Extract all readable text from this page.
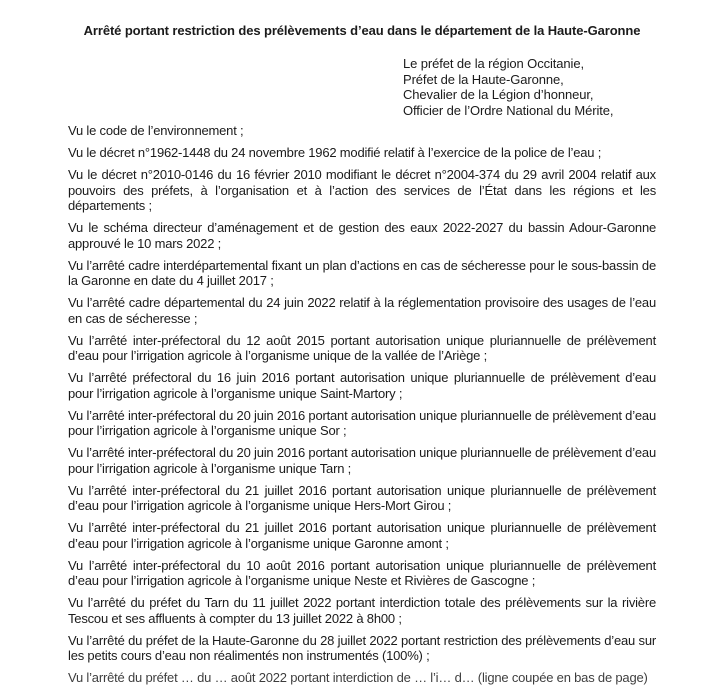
Arrêté portant restriction des prélèvements d’eau dans le département de la Haute-Garonne
Le préfet de la région Occitanie,
Préfet de la Haute-Garonne,
Chevalier de la Légion d’honneur,
Officier de l’Ordre National du Mérite,

Vu le code de l’environnement ;

Vu le décret n°1962-1448 du 24 novembre 1962 modifié relatif à l’exercice de la police de l’eau ;

Vu le décret n°2010-0146 du 16 février 2010 modifiant le décret n°2004-374 du 29 avril 2004 relatif aux pouvoirs des préfets, à l’organisation et à l’action des services de l’État dans les régions et les départements ;

Vu le schéma directeur d’aménagement et de gestion des eaux 2022-2027 du bassin Adour-Garonne approuvé le 10 mars 2022 ;

Vu l’arrêté cadre interdépartemental fixant un plan d’actions en cas de sécheresse pour le sous-bassin de la Garonne en date du 4 juillet 2017 ;

Vu l’arrêté cadre départemental du 24 juin 2022 relatif à la réglementation provisoire des usages de l’eau en cas de sécheresse ;

Vu l’arrêté inter-préfectoral du 12 août 2015 portant autorisation unique pluriannuelle de prélèvement d’eau pour l’irrigation agricole à l’organisme unique de la vallée de l’Ariège ;

Vu l’arrêté préfectoral du 16 juin 2016 portant autorisation unique pluriannuelle de prélèvement d’eau pour l’irrigation agricole à l’organisme unique Saint-Martory ;

Vu l’arrêté inter-préfectoral du 20 juin 2016 portant autorisation unique pluriannuelle de prélèvement d’eau pour l’irrigation agricole à l’organisme unique Sor ;

Vu l’arrêté inter-préfectoral du 20 juin 2016 portant autorisation unique pluriannuelle de prélèvement d’eau pour l’irrigation agricole à l’organisme unique Tarn ;

Vu l’arrêté inter-préfectoral du 21 juillet 2016 portant autorisation unique pluriannuelle de prélèvement d’eau pour l’irrigation agricole à l’organisme unique Hers-Mort Girou ;

Vu l’arrêté inter-préfectoral du 21 juillet 2016 portant autorisation unique pluriannuelle de prélèvement d’eau pour l’irrigation agricole à l’organisme unique Garonne amont ;

Vu l’arrêté inter-préfectoral du 10 août 2016 portant autorisation unique pluriannuelle de prélèvement d’eau pour l’irrigation agricole à l’organisme unique Neste et Rivières de Gascogne ;

Vu l’arrêté du préfet du Tarn du 11 juillet 2022 portant interdiction totale des prélèvements sur la rivière Tescou et ses affluents à compter du 13 juillet 2022 à 8h00 ;

Vu l’arrêté du préfet de la Haute-Garonne du 28 juillet 2022 portant restriction des prélèvements d’eau sur les petits cours d’eau non réalimentés non instrumentés (100%) ;

Vu l’arrêté du préfet … du … août 2022 portant interdiction de … l’i… d… (ligne coupée en bas de page)
